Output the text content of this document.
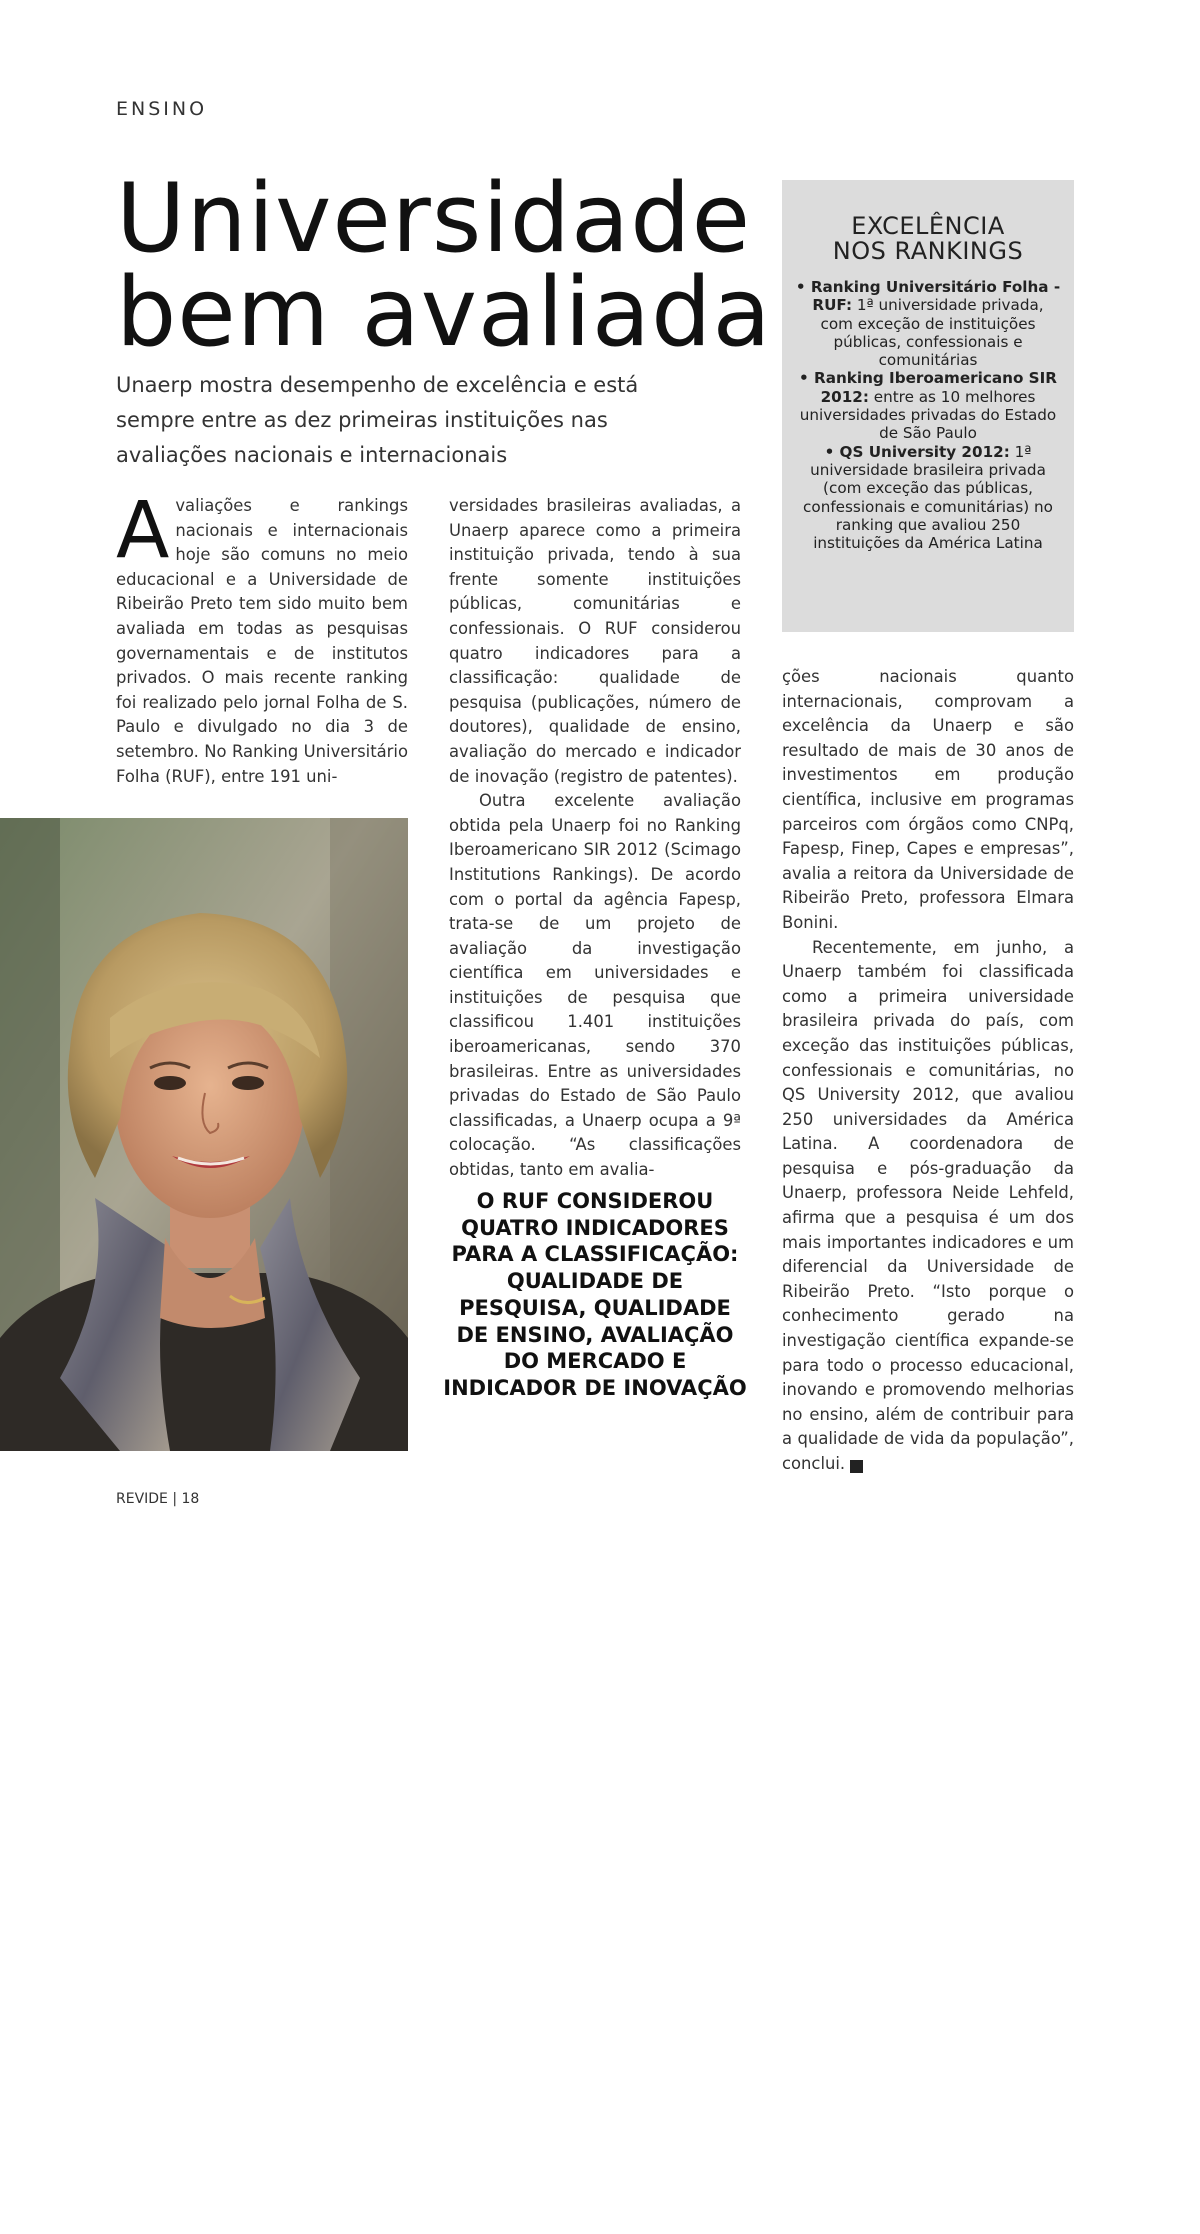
ENSINO
Universidade
bem avaliada

Unaerp mostra desempenho de excelência e está sempre entre as dez primeiras instituições nas avaliações nacionais e internacionais

EXCELÊNCIA
NOS RANKINGS

• Ranking Universitário Folha - RUF: 1ª universidade privada, com exceção de instituições públicas, confessionais e comunitárias

• Ranking Iberoamericano SIR 2012: entre as 10 melhores universidades privadas do Estado de São Paulo

• QS University 2012: 1ª universidade brasileira privada (com exceção das públicas, confessionais e comunitárias) no ranking que avaliou 250 instituições da América Latina

Avaliações e rankings nacionais e internacionais hoje são comuns no meio educacional e a Universidade de Ribeirão Preto tem sido muito bem avaliada em todas as pesquisas governamentais e de institutos privados. O mais recente ranking foi realizado pelo jornal Folha de S. Paulo e divulgado no dia 3 de setembro. No Ranking Universitário Folha (RUF), entre 191 uni-

versidades brasileiras avaliadas, a Unaerp aparece como a primeira instituição privada, tendo à sua frente somente instituições públicas, comunitárias e confessionais. O RUF considerou quatro indicadores para a classificação: qualidade de pesquisa (publicações, número de doutores), qualidade de ensino, avaliação do mercado e indicador de inovação (registro de patentes).

Outra excelente avaliação obtida pela Unaerp foi no Ranking Iberoamericano SIR 2012 (Scimago Institutions Rankings). De acordo com o portal da agência Fapesp, trata-se de um projeto de avaliação da investigação científica em universidades e instituições de pesquisa que classificou 1.401 instituições iberoamericanas, sendo 370 brasileiras. Entre as universidades privadas do Estado de São Paulo classificadas, a Unaerp ocupa a 9ª colocação. “As classificações obtidas, tanto em avalia-

ções nacionais quanto internacionais, comprovam a excelência da Unaerp e são resultado de mais de 30 anos de investimentos em produção científica, inclusive em programas parceiros com órgãos como CNPq, Fapesp, Finep, Capes e empresas”, avalia a reitora da Universidade de Ribeirão Preto, professora Elmara Bonini.

Recentemente, em junho, a Unaerp também foi classificada como a primeira universidade brasileira privada do país, com exceção das instituições públicas, confessionais e comunitárias, no QS University 2012, que avaliou 250 universidades da América Latina. A coordenadora de pesquisa e pós-graduação da Unaerp, professora Neide Lehfeld, afirma que a pesquisa é um dos mais importantes indicadores e um diferencial da Universidade de Ribeirão Preto. “Isto porque o conhecimento gerado na investigação científica expande-se para todo o processo educacional, inovando e promovendo melhorias no ensino, além de contribuir para a qualidade de vida da população”, conclui.	r

Segundo Elmara Bonini, resultados refletem mais de 30 anos de investimentos

O RUF CONSIDEROU QUATRO INDICADORES PARA A CLASSIFICAÇÃO: QUALIDADE DE PESQUISA, QUALIDADE DE ENSINO, AVALIAÇÃO DO MERCADO E INDICADOR DE INOVAÇÃO

REVIDE | 18
